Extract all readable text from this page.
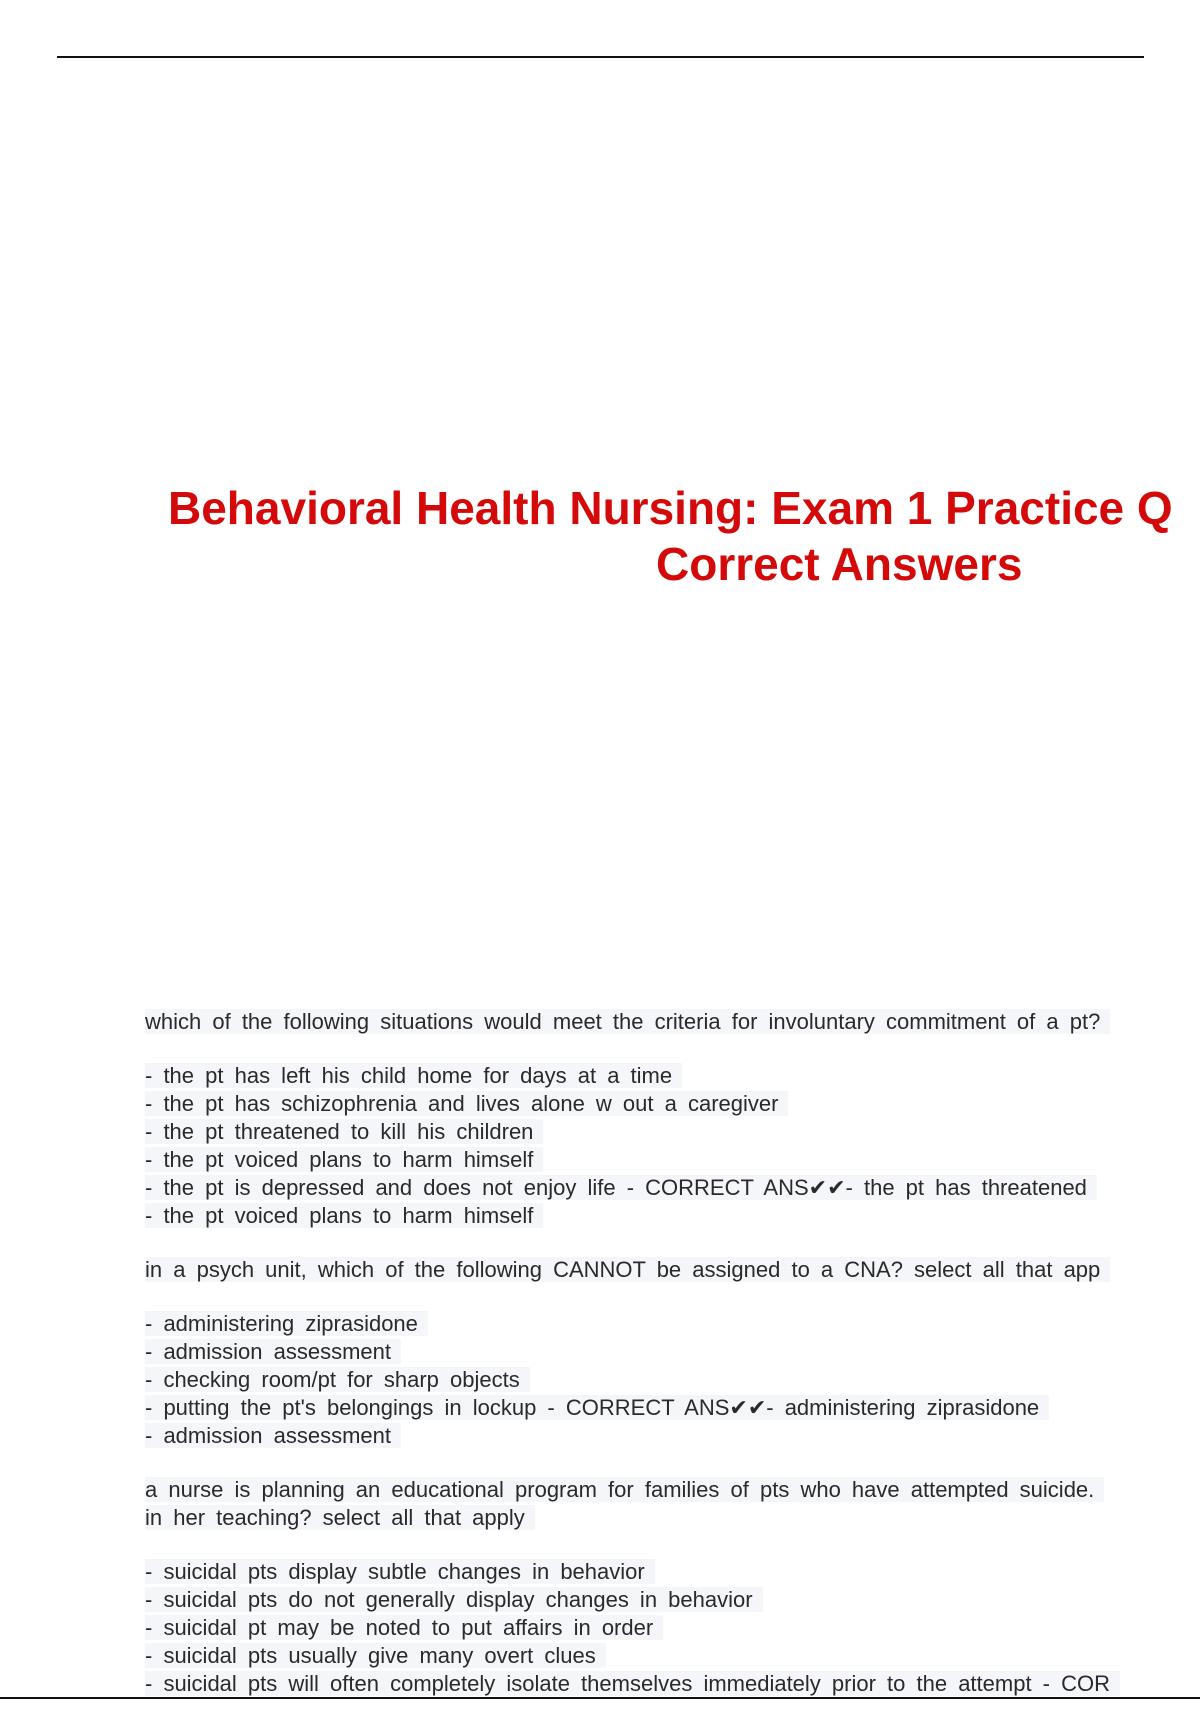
Behavioral Health Nursing: Exam 1 Practice Q
Correct Answers
which of the following situations would meet the criteria for involuntary commitment of a pt?
- the pt has left his child home for days at a time
- the pt has schizophrenia and lives alone w out a caregiver
- the pt threatened to kill his children
- the pt voiced plans to harm himself
- the pt is depressed and does not enjoy life - CORRECT ANS✔✔- the pt has threatened
- the pt voiced plans to harm himself
in a psych unit, which of the following CANNOT be assigned to a CNA? select all that app
- administering ziprasidone
- admission assessment
- checking room/pt for sharp objects
- putting the pt's belongings in lockup - CORRECT ANS✔✔- administering ziprasidone
- admission assessment
a nurse is planning an educational program for families of pts who have attempted suicide.
in her teaching? select all that apply
- suicidal pts display subtle changes in behavior
- suicidal pts do not generally display changes in behavior
- suicidal pt may be noted to put affairs in order
- suicidal pts usually give many overt clues
- suicidal pts will often completely isolate themselves immediately prior to the attempt - COR
